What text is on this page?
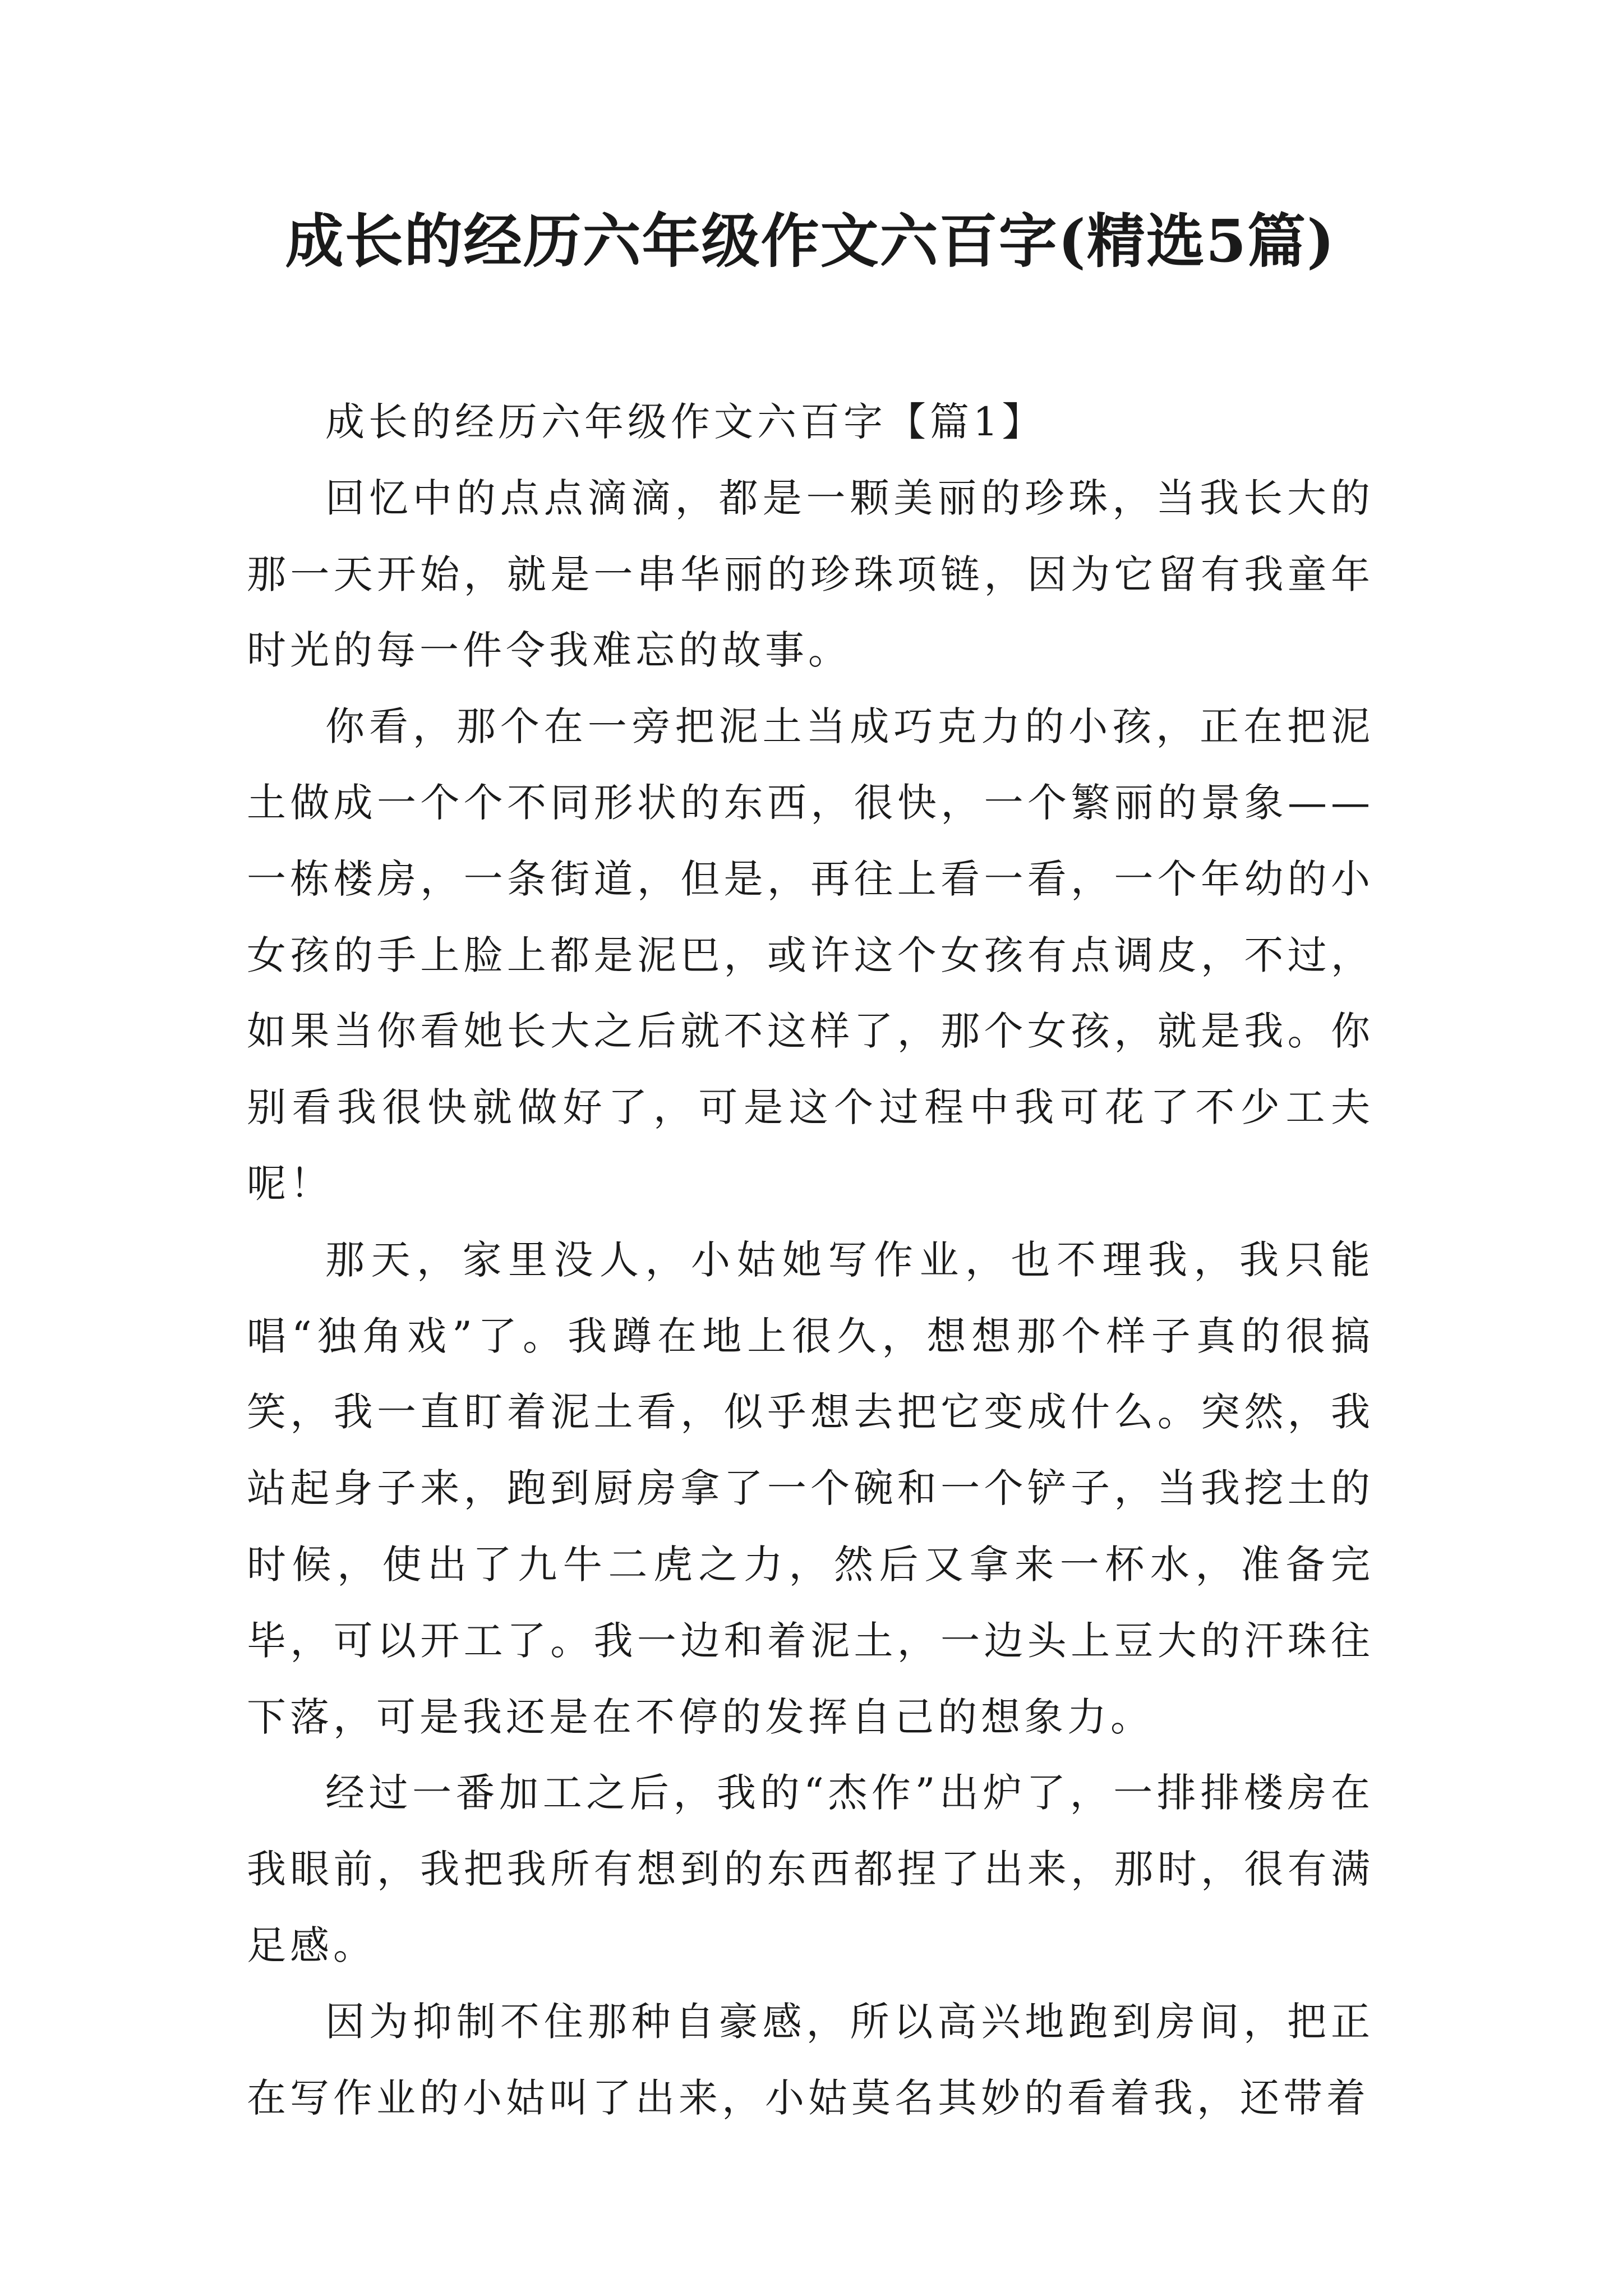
成长的经历六年级作文六百字(精选5篇)

成长的经历六年级作文六百字【篇1】

回忆中的点点滴滴，都是一颗美丽的珍珠，当我长大的那一天开始，就是一串华丽的珍珠项链，因为它留有我童年时光的每一件令我难忘的故事。

你看，那个在一旁把泥土当成巧克力的小孩，正在把泥土做成一个个不同形状的东西，很快，一个繁丽的景象——一栋楼房，一条街道，但是，再往上看一看，一个年幼的小女孩的手上脸上都是泥巴，或许这个女孩有点调皮，不过，如果当你看她长大之后就不这样了，那个女孩，就是我。你别看我很快就做好了，可是这个过程中我可花了不少工夫呢！

那天，家里没人，小姑她写作业，也不理我，我只能唱“独角戏”了。我蹲在地上很久，想想那个样子真的很搞笑，我一直盯着泥土看，似乎想去把它变成什么。突然，我站起身子来，跑到厨房拿了一个碗和一个铲子，当我挖土的时候，使出了九牛二虎之力，然后又拿来一杯水，准备完毕，可以开工了。我一边和着泥土，一边头上豆大的汗珠往下落，可是我还是在不停的发挥自己的想象力。

经过一番加工之后，我的“杰作”出炉了，一排排楼房在我眼前，我把我所有想到的东西都捏了出来，那时，很有满足感。

因为抑制不住那种自豪感，所以高兴地跑到房间，把正在写作业的小姑叫了出来，小姑莫名其妙的看着我，还带着
